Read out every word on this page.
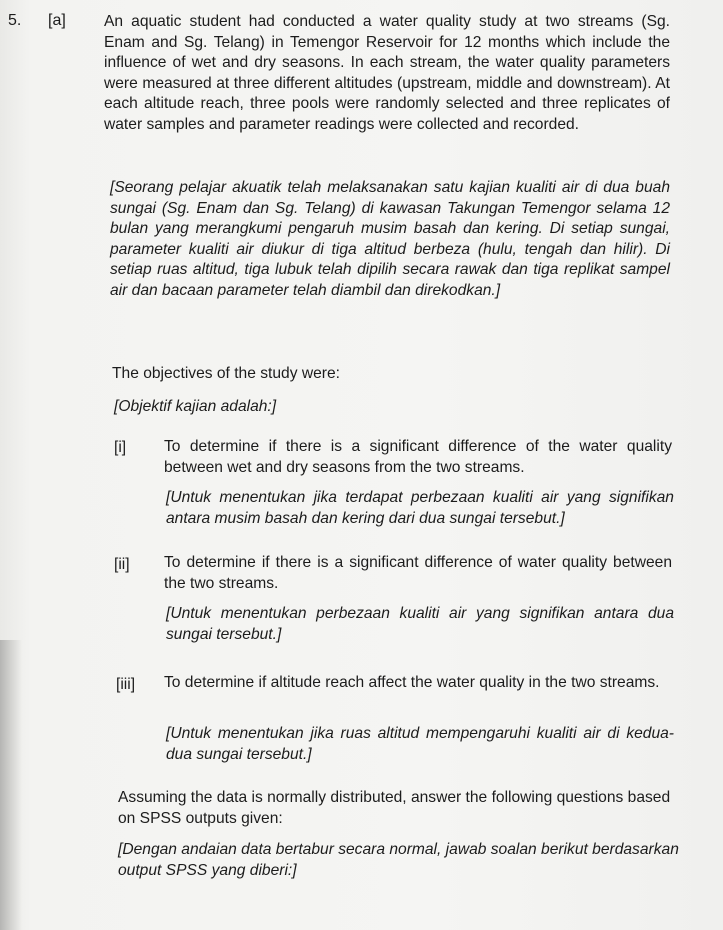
5. [a] An aquatic student had conducted a water quality study at two streams (Sg. Enam and Sg. Telang) in Temengor Reservoir for 12 months which include the influence of wet and dry seasons. In each stream, the water quality parameters were measured at three different altitudes (upstream, middle and downstream). At each altitude reach, three pools were randomly selected and three replicates of water samples and parameter readings were collected and recorded.

[Seorang pelajar akuatik telah melaksanakan satu kajian kualiti air di dua buah sungai (Sg. Enam dan Sg. Telang) di kawasan Takungan Temengor selama 12 bulan yang merangkumi pengaruh musim basah dan kering. Di setiap sungai, parameter kualiti air diukur di tiga altitud berbeza (hulu, tengah dan hilir). Di setiap ruas altitud, tiga lubuk telah dipilih secara rawak dan tiga replikat sampel air dan bacaan parameter telah diambil dan direkodkan.]

The objectives of the study were:
[Objektif kajian adalah:]
[i] To determine if there is a significant difference of the water quality between wet and dry seasons from the two streams.
[Untuk menentukan jika terdapat perbezaan kualiti air yang signifikan antara musim basah dan kering dari dua sungai tersebut.]
[ii] To determine if there is a significant difference of water quality between the two streams.
[Untuk menentukan perbezaan kualiti air yang signifikan antara dua sungai tersebut.]
[iii] To determine if altitude reach affect the water quality in the two streams.
[Untuk menentukan jika ruas altitud mempengaruhi kualiti air di kedua-dua sungai tersebut.]
Assuming the data is normally distributed, answer the following questions based on SPSS outputs given:
[Dengan andaian data bertabur secara normal, jawab soalan berikut berdasarkan output SPSS yang diberi:]
